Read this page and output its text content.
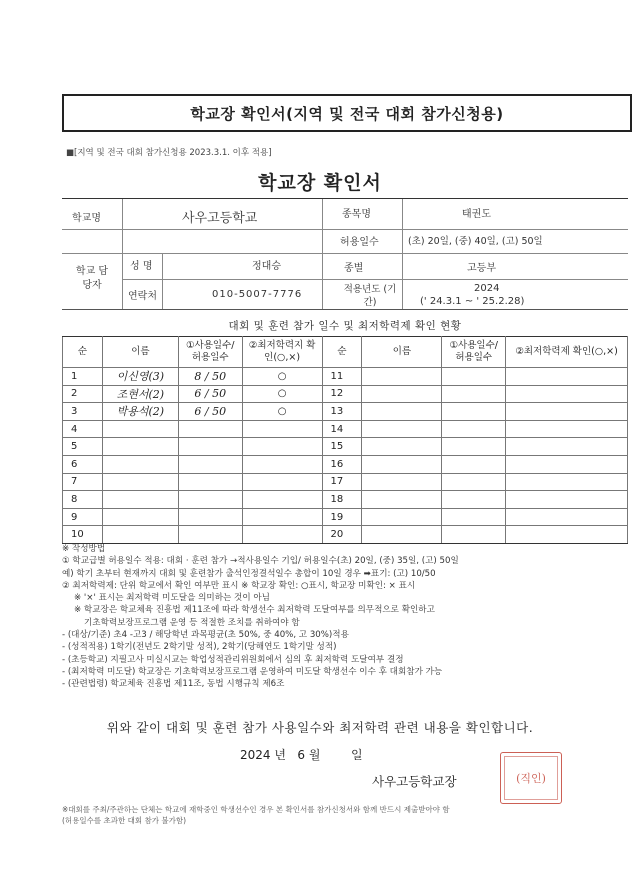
학교장 확인서(지역 및 전국 대회 참가신청용)
■[지역 및 전국 대회 참가신청용 2023.3.1. 이후 적용]
학교장 확인서
학교명	사우고등학교	종목명	태권도
허용일수	(초) 20일, (중) 40일, (고) 50일
학교 담당자
성 명	정대승
연락처	010-5007-7776
종별	고등부
적용년도 (기간)
2024
(' 24.3.1 ~ ' 25.2.28)
대회 및 훈련 참가 일수 및 최저학력제 확인 현황
순	이름	①사용일수/ 허용일수	②최저학력지 확인(○,×)	순	이름	①사용일수/ 허용일수	②최저학력제 확인(○,×)
1	이신영(3)	8 / 50	○	11			
2	조현서(2)	6 / 50	○	12			
3	박용석(2)	6 / 50	○	13			
4				14			
5				15			
6				16			
7				17			
8				18			
9				19			
10				20			
※ 작성방법
① 학교급별 허용일수 적용: 대회 · 훈련 참가 →적사용일수 기입/ 허용일수(초) 20일, (중) 35일, (고) 50일
예) 학기 초부터 현재까지 대회 및 훈련참가 출석인정결석일수 총합이 10일 경우 ➡표기: (고) 10/50
② 최저학력제: 단위 학교에서 확인 여부만 표시 ※ 학교장 확인: ○표시, 학교장 미확인: × 표시
※ '×' 표시는 최저학력 미도달을 의미하는 것이 아님
※ 학교장은 학교체육 진흥법 제11조에 따라 학생선수 최저학력 도달여부를 의무적으로 확인하고
기초학력보장프로그램 운영 등 적절한 조치를 취하여야 함
- (대상/기준) 초4 -고3 / 해당학년 과목평균(초 50%, 중 40%, 고 30%)적용
- (성적적용) 1학기(전년도 2학기말 성적), 2학기(당해연도 1학기말 성적)
- (초등학교) 지필고사 미실시교는 학업성적관리위원회에서 심의 후 최저학력 도달여부 결정
- (최저학력 미도달) 학교장은 기초학력보장프로그램 운영하여 미도달 학생선수 이수 후 대회참가 가능
- (관련법령) 학교체육 진흥법 제11조, 동법 시행규칙 제6조
위와 같이 대회 및 훈련 참가 사용일수와 최저학력 관련 내용을 확인합니다.
2024 년   6 월        일
사우고등학교장	(직인)
※대회를 주최/주관하는 단체는 학교에 재학중인 학생선수인 경우 본 확인서를 참가신청서와 함께 반드시 제출받아야 함
(허용일수를 초과한 대회 참가 불가함)
